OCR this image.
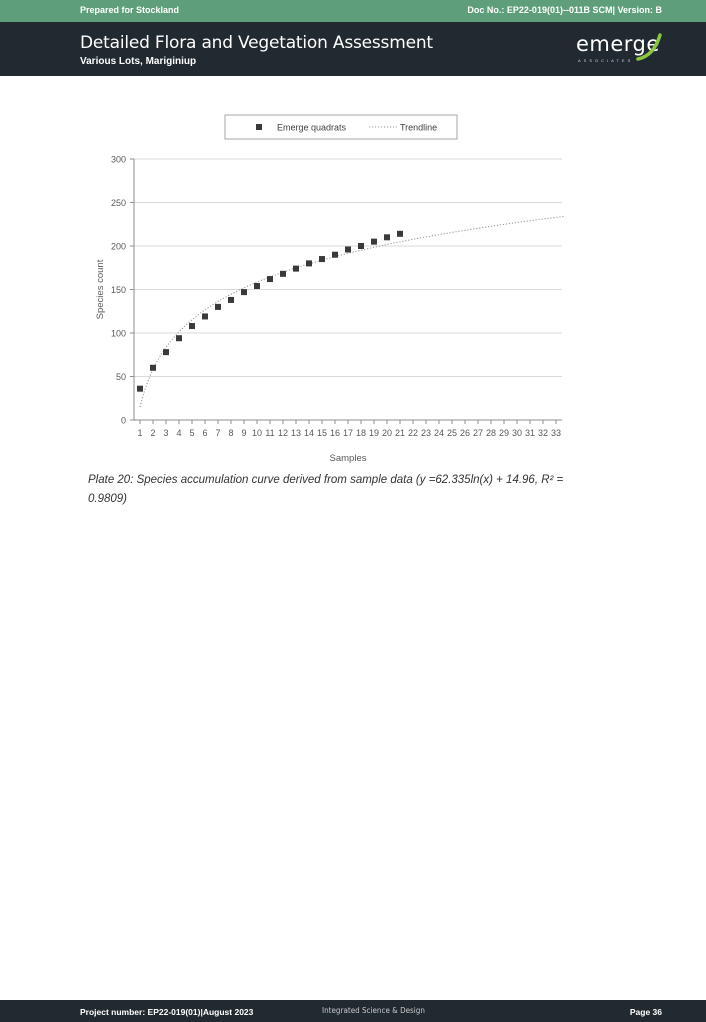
Prepared for Stockland	Doc No.: EP22-019(01)--011B SCM| Version: B
Detailed Flora and Vegetation Assessment
Various Lots, Mariginiup
emerge
ASSOCIATES
0
50
100
150
200
250
300
1 2 3 4 5 6 7 8 9 10 11 12 13 14 15 16 17 18 19 20 21 22 23 24 25 26 27 28 29 30 31 32 33
Samples
Species count
Emerge quadrats	Trendline
Plate 20: Species accumulation curve derived from sample data (y =62.335ln(x) + 14.96, R² = 0.9809)
Project number: EP22-019(01)|August 2023	Integrated Science & Design	Page 36
